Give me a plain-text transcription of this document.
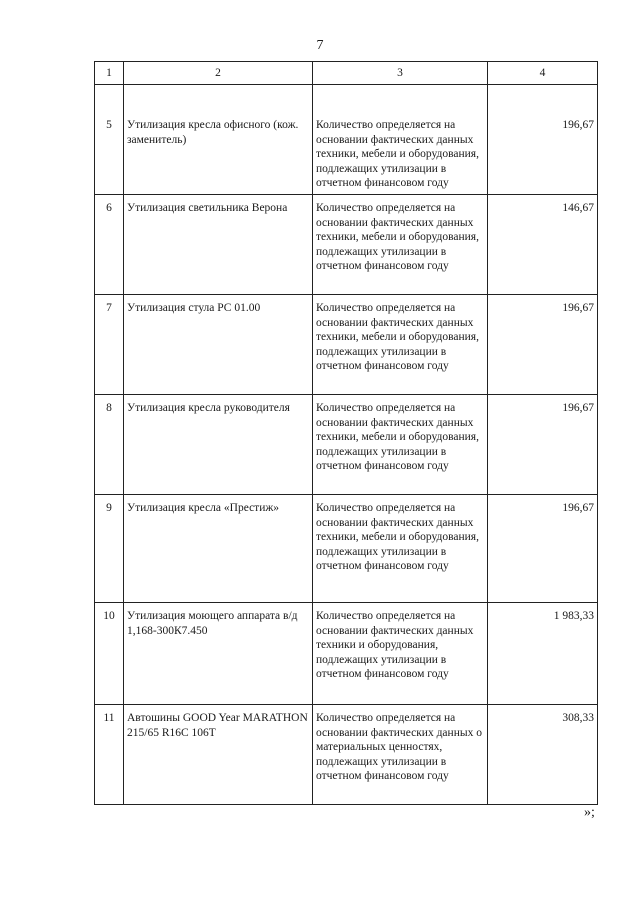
7
1	2	3	4
5	Утилизация кресла офисного (кож. заменитель)	Количество определяется на основании фактических данных техники, мебели и оборудования, подлежащих утилизации в отчетном финансовом году	196,67
6	Утилизация светильника Верона	Количество определяется на основании фактических данных техники, мебели и оборудования, подлежащих утилизации в отчетном финансовом году	146,67
7	Утилизация стула РС 01.00	Количество определяется на основании фактических данных техники, мебели и оборудования, подлежащих утилизации в отчетном финансовом году	196,67
8	Утилизация кресла руководителя	Количество определяется на основании фактических данных техники, мебели и оборудования, подлежащих утилизации в отчетном финансовом году	196,67
9	Утилизация кресла «Престиж»	Количество определяется на основании фактических данных техники, мебели и оборудования, подлежащих утилизации в отчетном финансовом году	196,67
10	Утилизация моющего аппарата в/д 1,168-300К7.450	Количество определяется на основании фактических данных техники и оборудования, подлежащих утилизации в отчетном финансовом году	1 983,33
11	Автошины GOOD Year MARATHON 215/65 R16C 106T	Количество определяется на основании фактических данных о материальных ценностях, подлежащих утилизации в отчетном финансовом году	308,33
»;
